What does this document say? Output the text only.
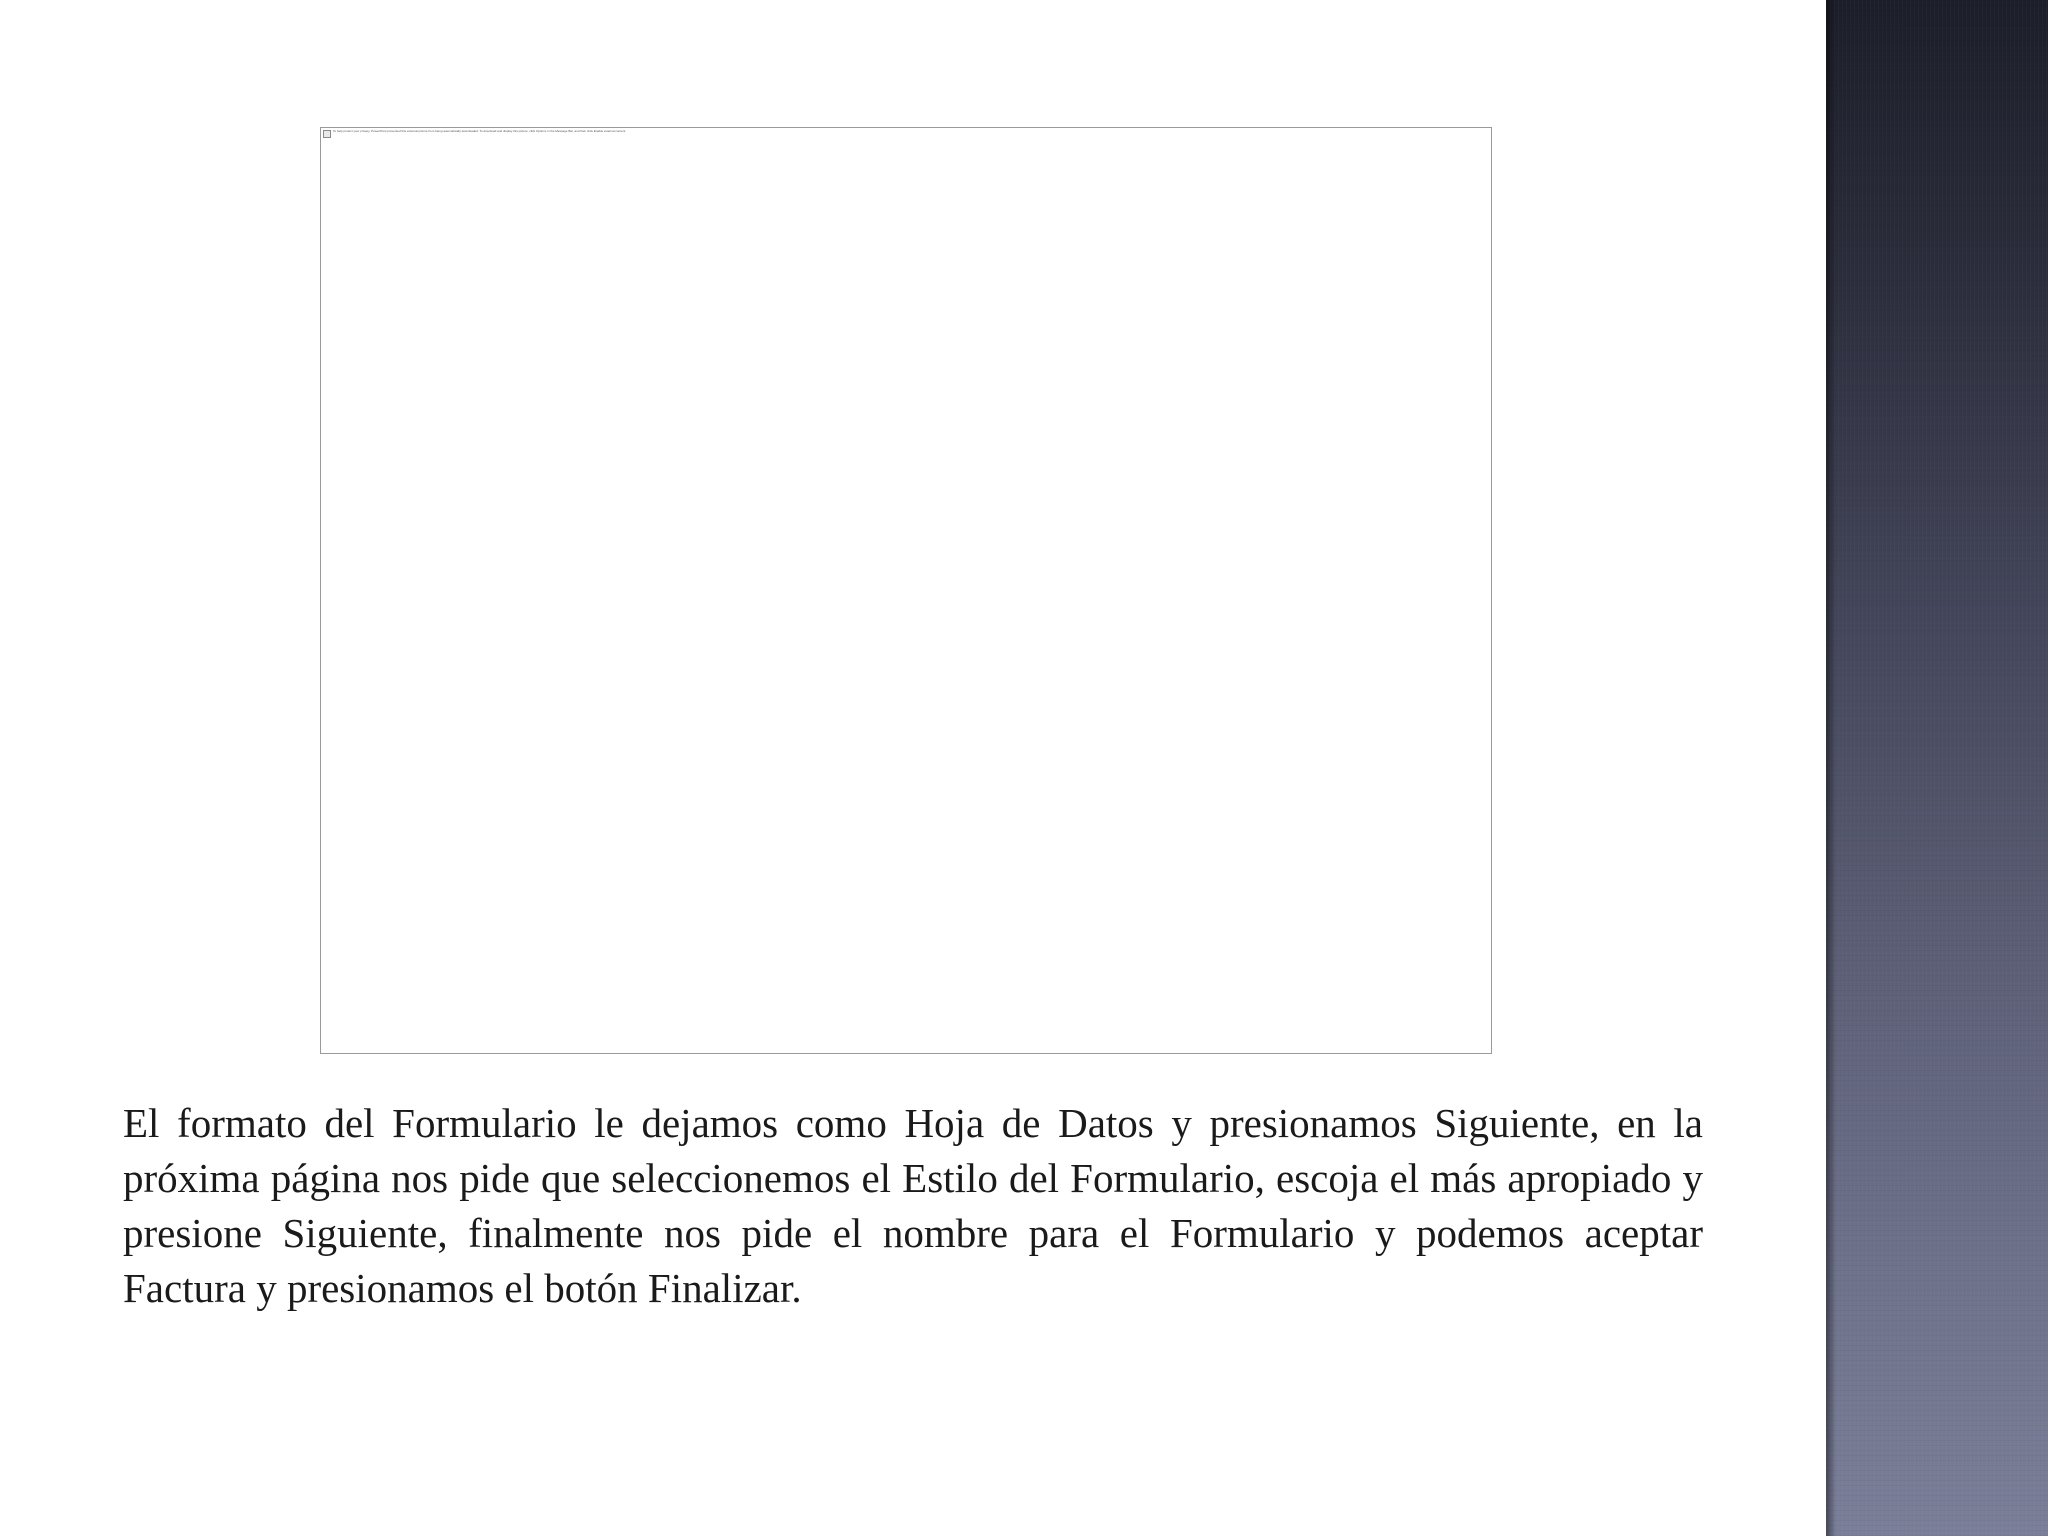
To help protect your privacy, PowerPoint prevented this external picture from being automatically downloaded. To download and display this picture, click Options in the Message Bar, and then click Enable external content.

El formato del Formulario le dejamos como Hoja de Datos y presionamos Siguiente, en la próxima página nos pide que seleccionemos el Estilo del Formulario, escoja el más apropiado y presione Siguiente, finalmente nos pide el nombre para el Formulario y podemos aceptar Factura y presionamos el botón Finalizar.
